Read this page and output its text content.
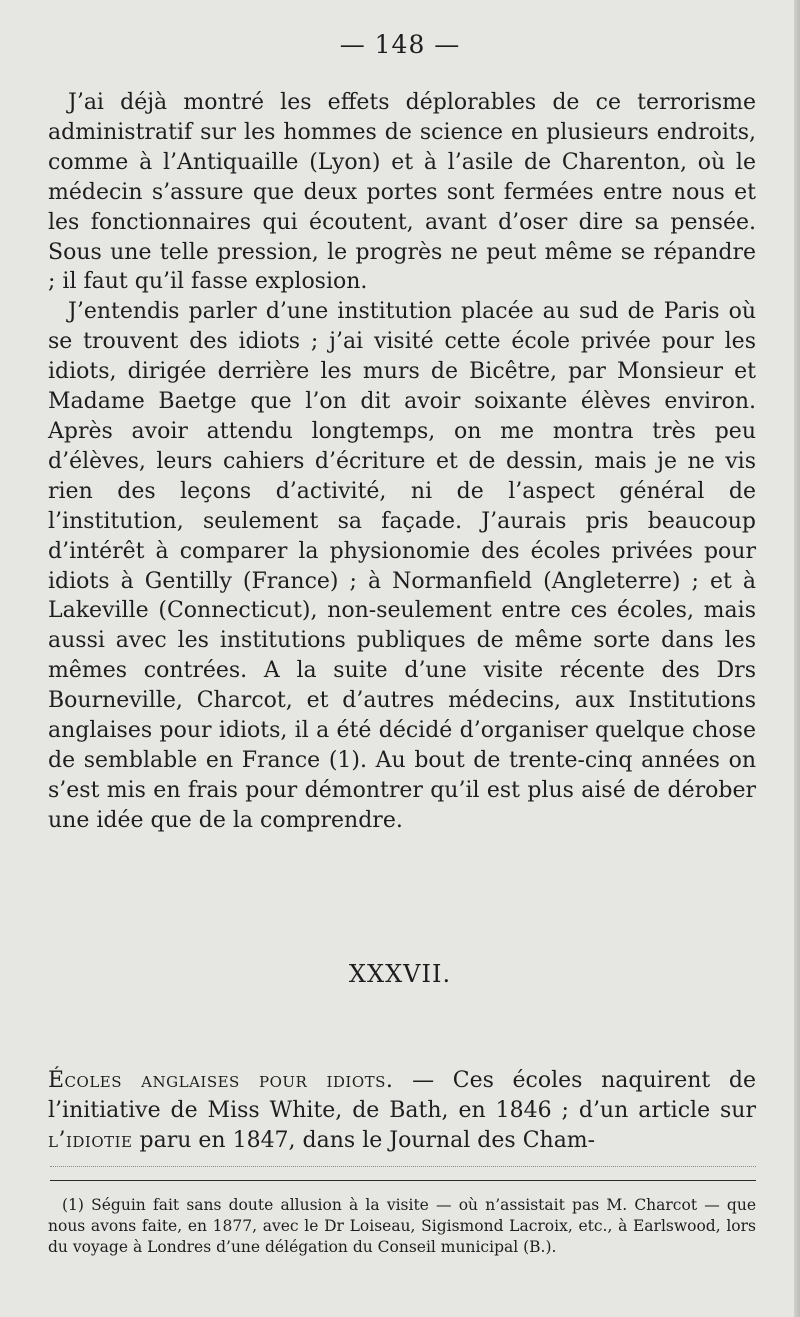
— 148 —

J’ai déjà montré les effets déplorables de ce terrorisme administratif sur les hommes de science en plusieurs endroits, comme à l’Antiquaille (Lyon) et à l’asile de Charenton, où le médecin s’assure que deux portes sont fermées entre nous et les fonctionnaires qui écoutent, avant d’oser dire sa pensée. Sous une telle pression, le progrès ne peut même se répandre ; il faut qu’il fasse explosion.

J’entendis parler d’une institution placée au sud de Paris où se trouvent des idiots ; j’ai visité cette école privée pour les idiots, dirigée derrière les murs de Bicêtre, par Monsieur et Madame Baetge que l’on dit avoir soixante élèves environ. Après avoir attendu longtemps, on me montra très peu d’élèves, leurs cahiers d’écriture et de dessin, mais je ne vis rien des leçons d’activité, ni de l’aspect général de l’institution, seulement sa façade. J’aurais pris beaucoup d’intérêt à comparer la physionomie des écoles privées pour idiots à Gentilly (France) ; à Normanfield (Angleterre) ; et à Lakeville (Connecticut), non-seulement entre ces écoles, mais aussi avec les institutions publiques de même sorte dans les mêmes contrées. A la suite d’une visite récente des Drs Bourneville, Charcot, et d’autres médecins, aux Institutions anglaises pour idiots, il a été décidé d’organiser quelque chose de semblable en France (1). Au bout de trente-cinq années on s’est mis en frais pour démontrer qu’il est plus aisé de dérober une idée que de la comprendre.

XXXVII.

Écoles anglaises pour idiots. — Ces écoles naquirent de l’initiative de Miss White, de Bath, en 1846 ; d’un article sur l’idiotie paru en 1847, dans le Journal des Cham-

(1) Séguin fait sans doute allusion à la visite — où n’assistait pas M. Charcot — que nous avons faite, en 1877, avec le Dr Loiseau, Sigismond Lacroix, etc., à Earlswood, lors du voyage à Londres d’une délégation du Conseil municipal (B.).
